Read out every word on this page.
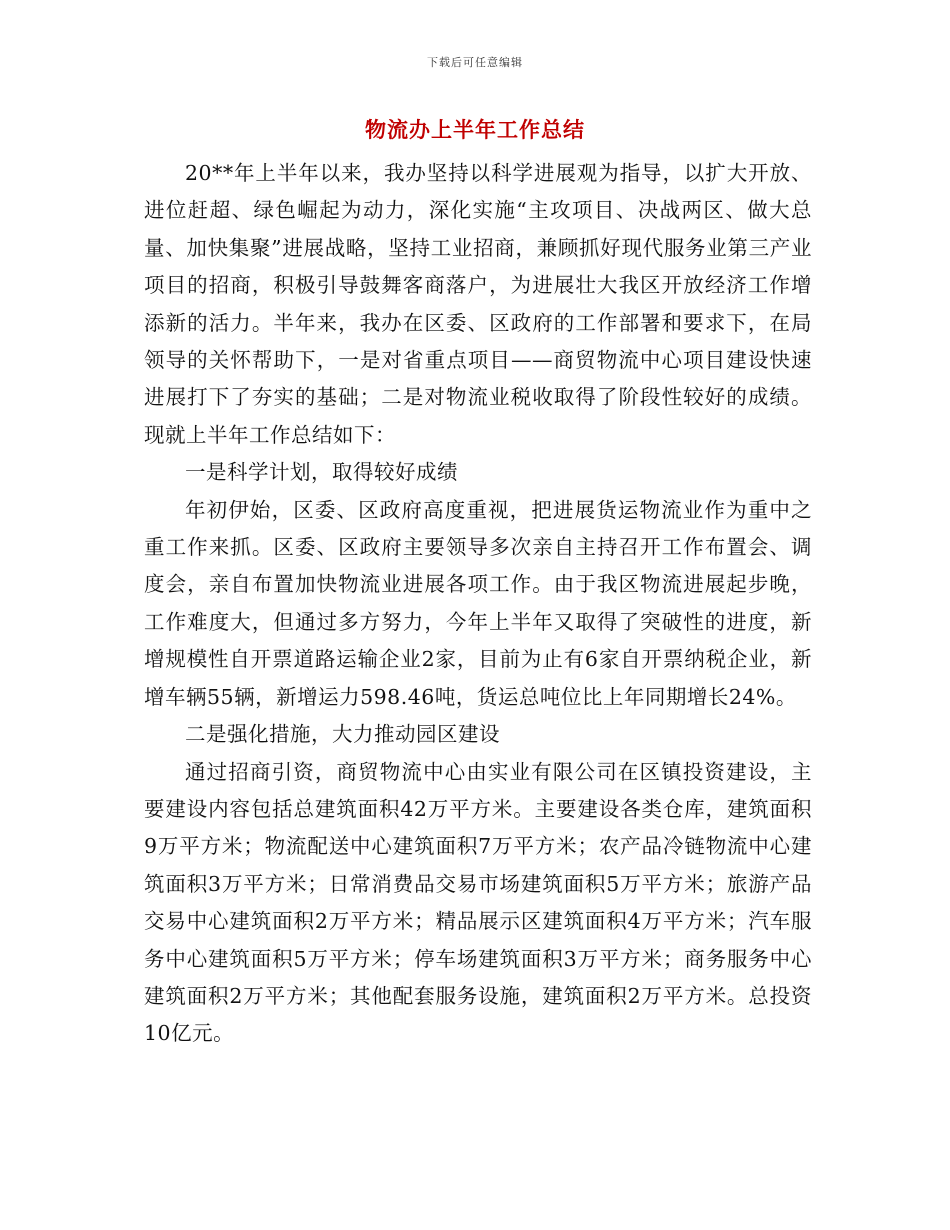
下载后可任意编辑
物流办上半年工作总结

20**年上半年以来，我办坚持以科学进展观为指导，以扩大开放、进位赶超、绿色崛起为动力，深化实施“主攻项目、决战两区、做大总量、加快集聚”进展战略，坚持工业招商，兼顾抓好现代服务业第三产业项目的招商，积极引导鼓舞客商落户，为进展壮大我区开放经济工作增添新的活力。半年来，我办在区委、区政府的工作部署和要求下，在局领导的关怀帮助下，一是对省重点项目——商贸物流中心项目建设快速进展打下了夯实的基础；二是对物流业税收取得了阶段性较好的成绩。现就上半年工作总结如下：

一是科学计划，取得较好成绩

年初伊始，区委、区政府高度重视，把进展货运物流业作为重中之重工作来抓。区委、区政府主要领导多次亲自主持召开工作布置会、调度会，亲自布置加快物流业进展各项工作。由于我区物流进展起步晚，工作难度大，但通过多方努力，今年上半年又取得了突破性的进度，新增规模性自开票道路运输企业2家，目前为止有6家自开票纳税企业，新增车辆55辆，新增运力598.46吨，货运总吨位比上年同期增长24%。

二是强化措施，大力推动园区建设

通过招商引资，商贸物流中心由实业有限公司在区镇投资建设，主要建设内容包括总建筑面积42万平方米。主要建设各类仓库，建筑面积9万平方米；物流配送中心建筑面积7万平方米；农产品冷链物流中心建筑面积3万平方米；日常消费品交易市场建筑面积5万平方米；旅游产品交易中心建筑面积2万平方米；精品展示区建筑面积4万平方米；汽车服务中心建筑面积5万平方米；停车场建筑面积3万平方米；商务服务中心建筑面积2万平方米；其他配套服务设施，建筑面积2万平方米。总投资10亿元。
